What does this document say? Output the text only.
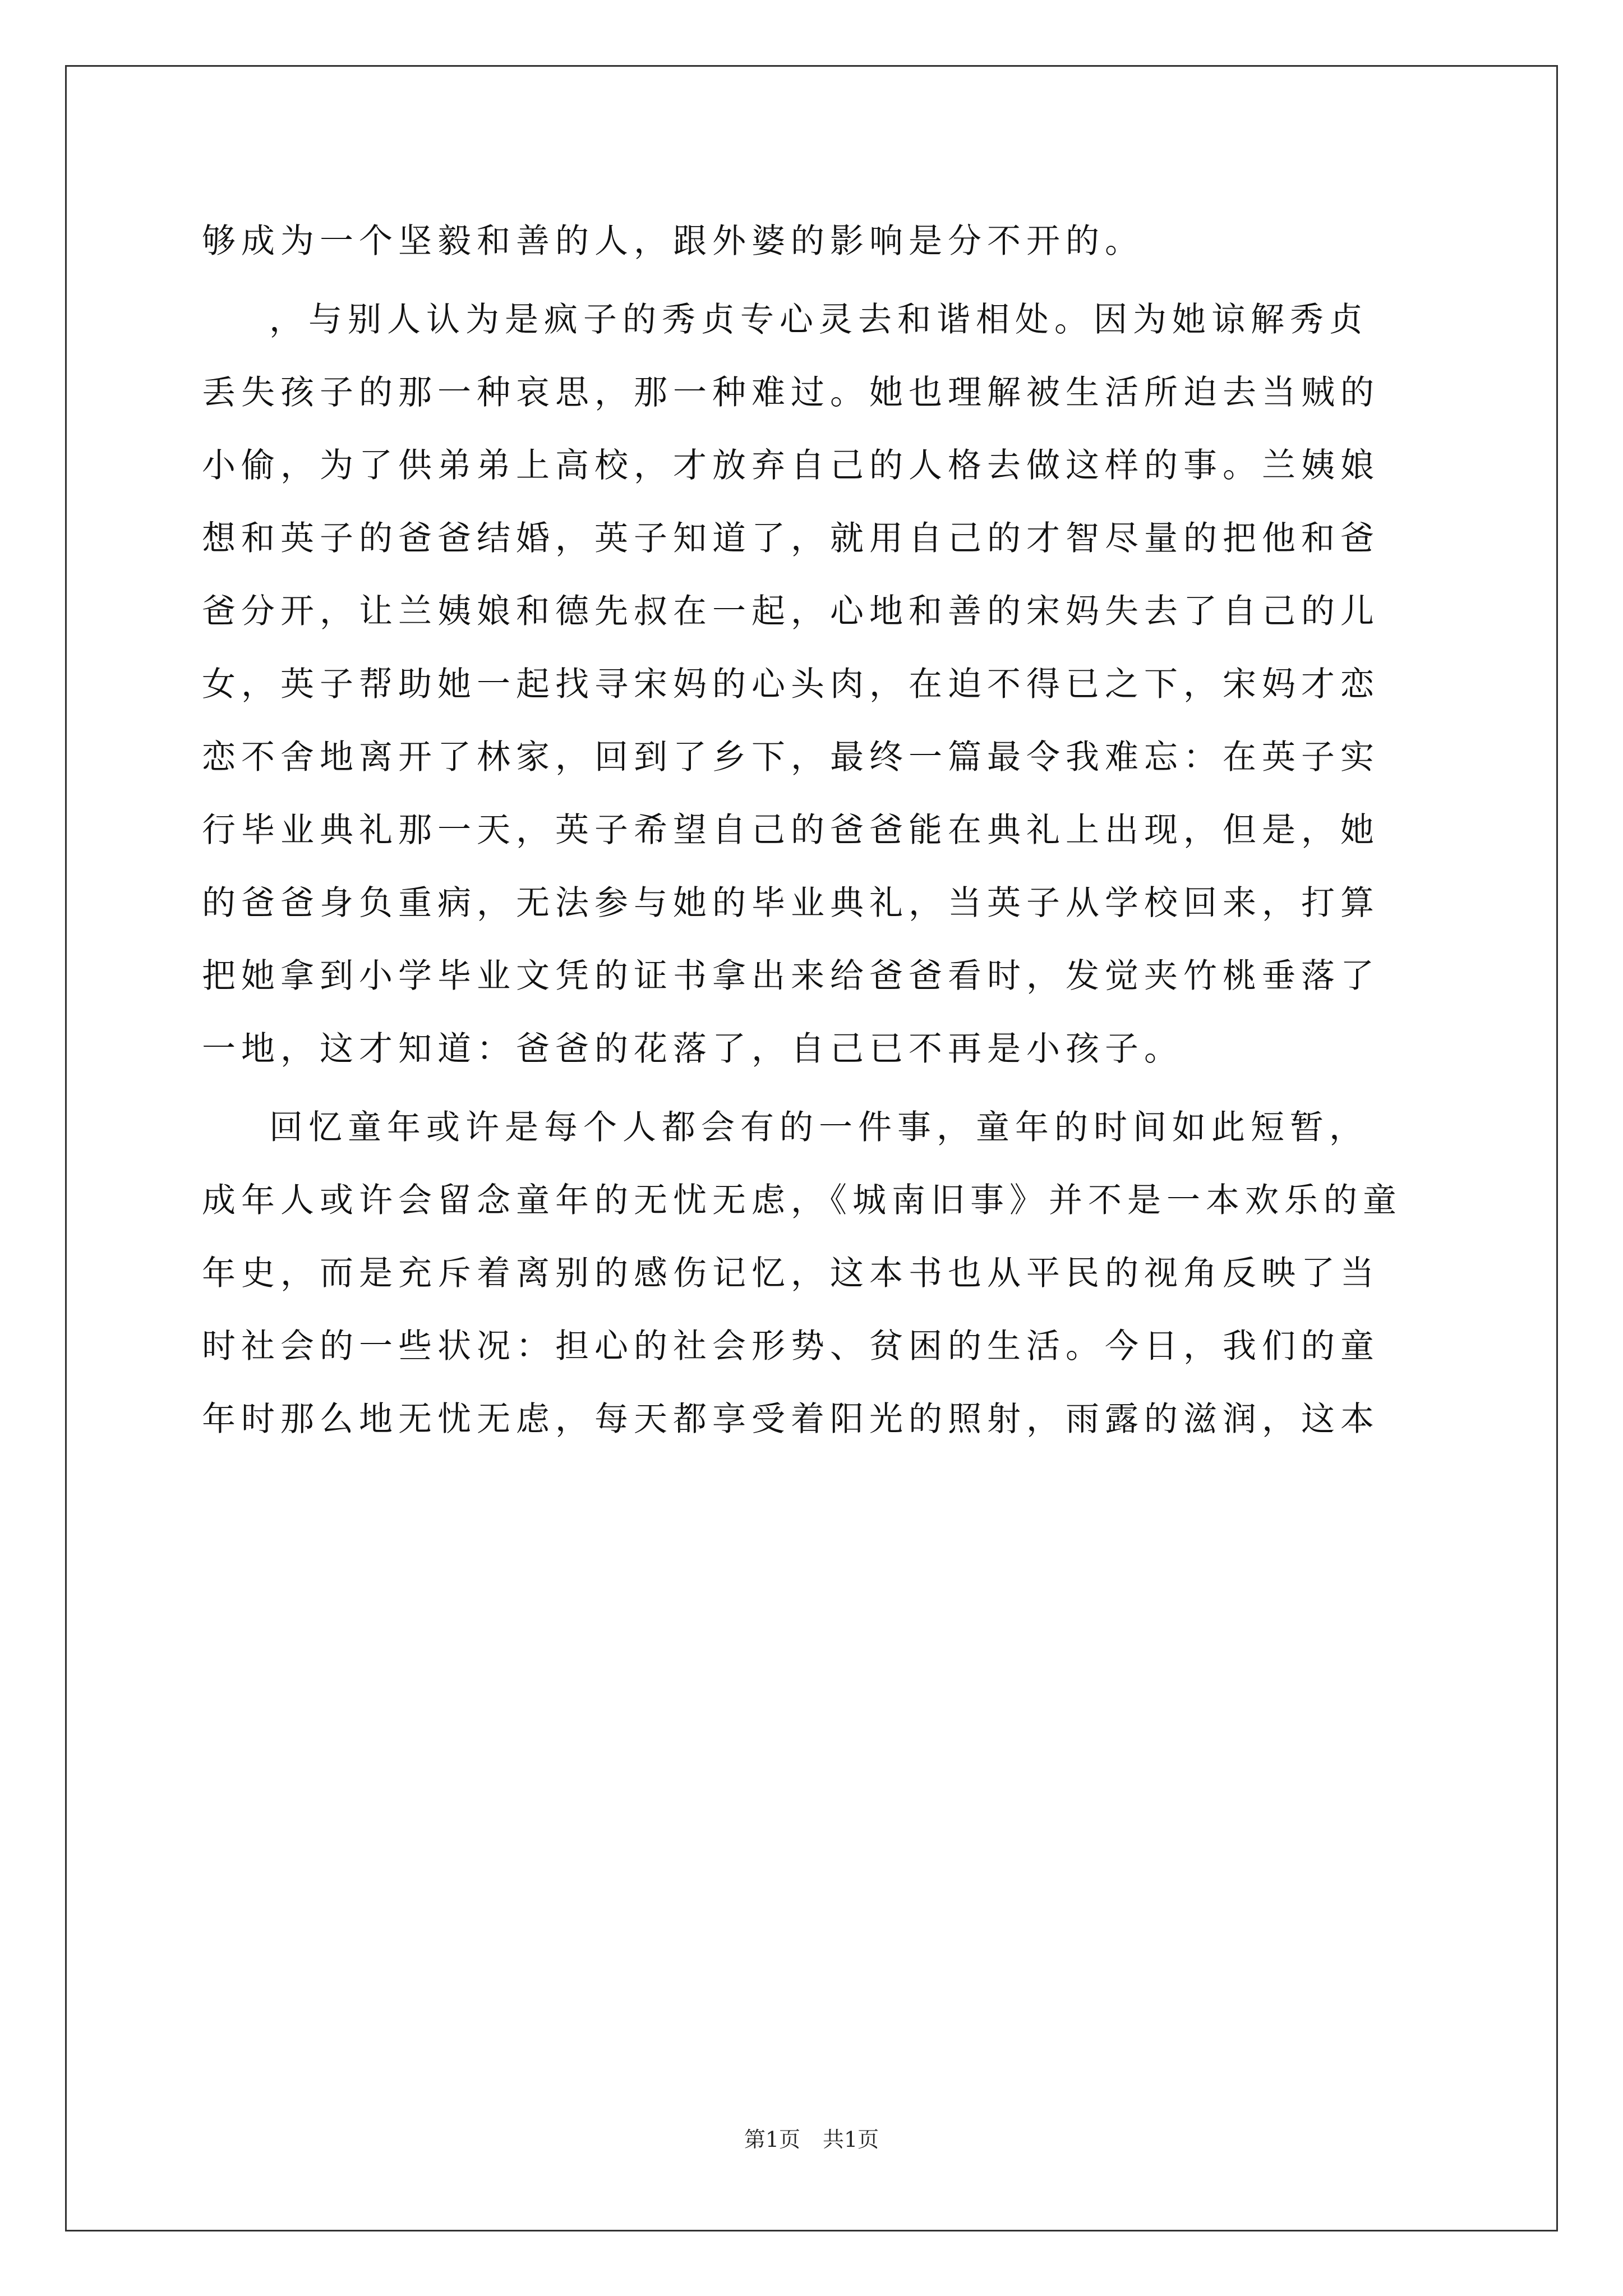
够成为一个坚毅和善的人，跟外婆的影响是分不开的。
，与别人认为是疯子的秀贞专心灵去和谐相处。因为她谅解秀贞
丢失孩子的那一种哀思，那一种难过。她也理解被生活所迫去当贼的
小偷，为了供弟弟上高校，才放弃自己的人格去做这样的事。兰姨娘
想和英子的爸爸结婚，英子知道了，就用自己的才智尽量的把他和爸
爸分开，让兰姨娘和德先叔在一起，心地和善的宋妈失去了自己的儿
女，英子帮助她一起找寻宋妈的心头肉，在迫不得已之下，宋妈才恋
恋不舍地离开了林家，回到了乡下，最终一篇最令我难忘：在英子实
行毕业典礼那一天，英子希望自己的爸爸能在典礼上出现，但是，她
的爸爸身负重病，无法参与她的毕业典礼，当英子从学校回来，打算
把她拿到小学毕业文凭的证书拿出来给爸爸看时，发觉夹竹桃垂落了
一地，这才知道：爸爸的花落了，自己已不再是小孩子。
回忆童年或许是每个人都会有的一件事，童年的时间如此短暂，
成年人或许会留念童年的无忧无虑，《城南旧事》并不是一本欢乐的童
年史，而是充斥着离别的感伤记忆，这本书也从平民的视角反映了当
时社会的一些状况：担心的社会形势、贫困的生活。今日，我们的童
年时那么地无忧无虑，每天都享受着阳光的照射，雨露的滋润，这本
第1页 共1页
